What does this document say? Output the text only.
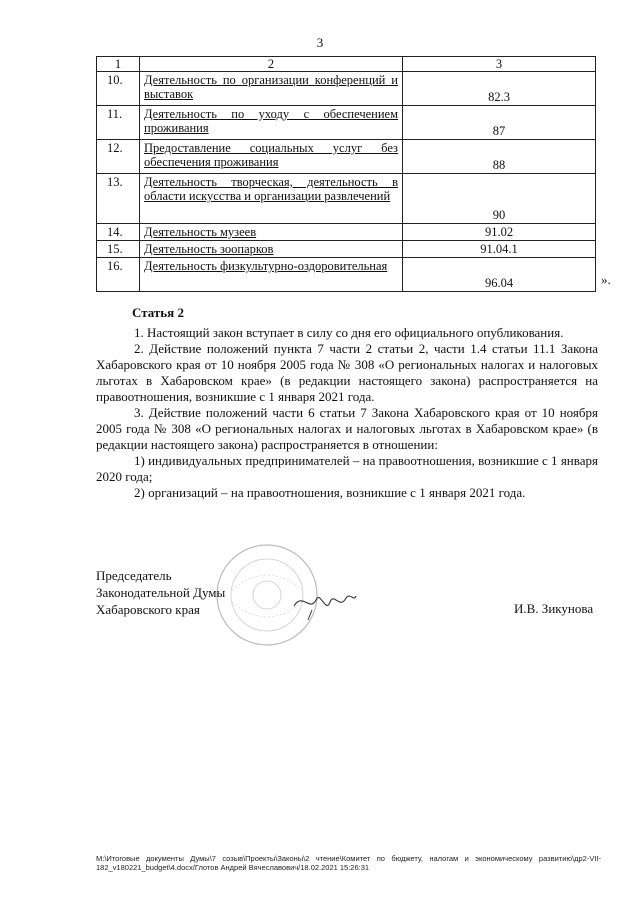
3
1	2	3
10.	Деятельность по организации конференций и выставок	82.3
11.	Деятельность по уходу с обеспечением проживания	87
12.	Предоставление социальных услуг без обеспечения проживания	88
13.	Деятельность творческая, деятельность в области искусства и организации развлечений	90
14.	Деятельность музеев	91.02
15.	Деятельность зоопарков	91.04.1
16.	Деятельность физкультурно-оздоровительная	96.04	».
Статья 2

1. Настоящий закон вступает в силу со дня его официального опубликования.

2. Действие положений пункта 7 части 2 статьи 2, части 1.4 статьи 11.1 Закона Хабаровского края от 10 ноября 2005 года № 308 «О региональных налогах и налоговых льготах в Хабаровском крае» (в редакции настоящего закона) распространяется на правоотношения, возникшие с 1 января 2021 года.

3. Действие положений части 6 статьи 7 Закона Хабаровского края от 10 ноября 2005 года № 308 «О региональных налогах и налоговых льготах в Хабаровском крае» (в редакции настоящего закона) распространяется в отношении:

1) индивидуальных предпринимателей – на правоотношения, возникшие с 1 января 2020 года;

2) организаций – на правоотношения, возникшие с 1 января 2021 года.

Председатель
Законодательной Думы
Хабаровского края	И.В. Зикунова
M:\Итоговые документы Думы\7 созыв\Проекты\Законы\2 чтение\Комитет по бюджету, налогам и экономическому развитию\др2-VII-182_v180221_budget\4.docx/Глотов Андрей Вячеславович/18.02.2021 15:26:31
